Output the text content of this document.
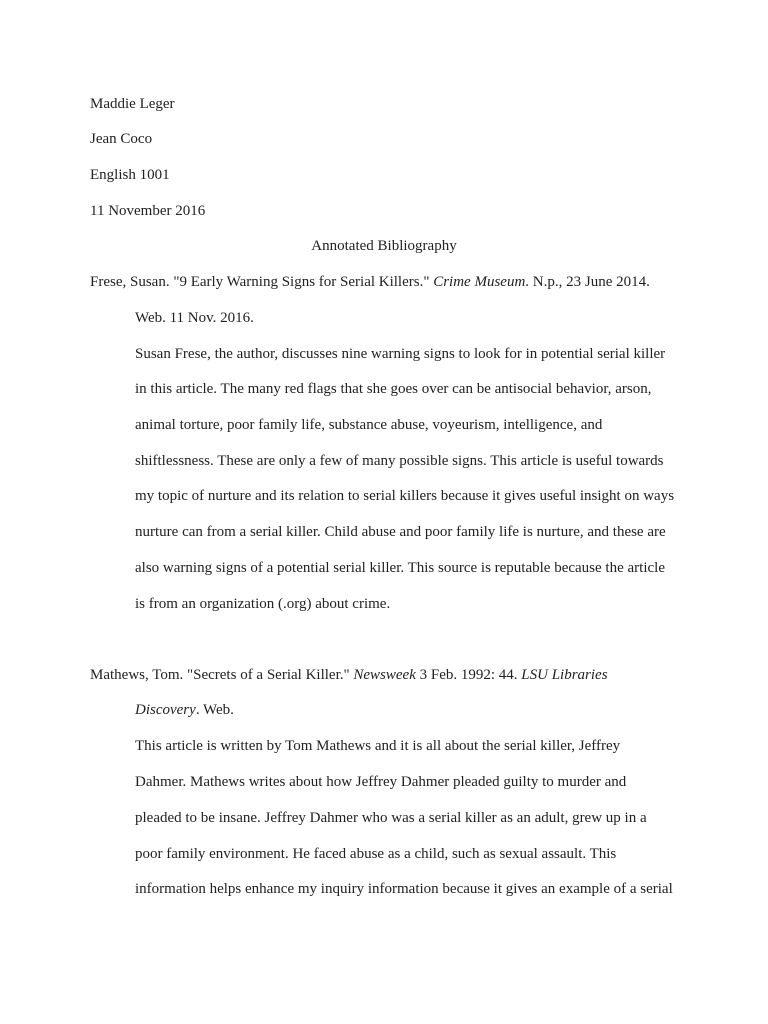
Maddie Leger
Jean Coco
English 1001
11 November 2016
Annotated Bibliography
Frese, Susan. "9 Early Warning Signs for Serial Killers." Crime Museum. N.p., 23 June 2014.
Web. 11 Nov. 2016.
Susan Frese, the author, discusses nine warning signs to look for in potential serial killer
in this article. The many red flags that she goes over can be antisocial behavior, arson,
animal torture, poor family life, substance abuse, voyeurism, intelligence, and
shiftlessness. These are only a few of many possible signs. This article is useful towards
my topic of nurture and its relation to serial killers because it gives useful insight on ways
nurture can from a serial killer. Child abuse and poor family life is nurture, and these are
also warning signs of a potential serial killer. This source is reputable because the article
is from an organization (.org) about crime.
Mathews, Tom. "Secrets of a Serial Killer." Newsweek 3 Feb. 1992: 44. LSU Libraries
Discovery. Web.
This article is written by Tom Mathews and it is all about the serial killer, Jeffrey
Dahmer. Mathews writes about how Jeffrey Dahmer pleaded guilty to murder and
pleaded to be insane. Jeffrey Dahmer who was a serial killer as an adult, grew up in a
poor family environment. He faced abuse as a child, such as sexual assault. This
information helps enhance my inquiry information because it gives an example of a serial
